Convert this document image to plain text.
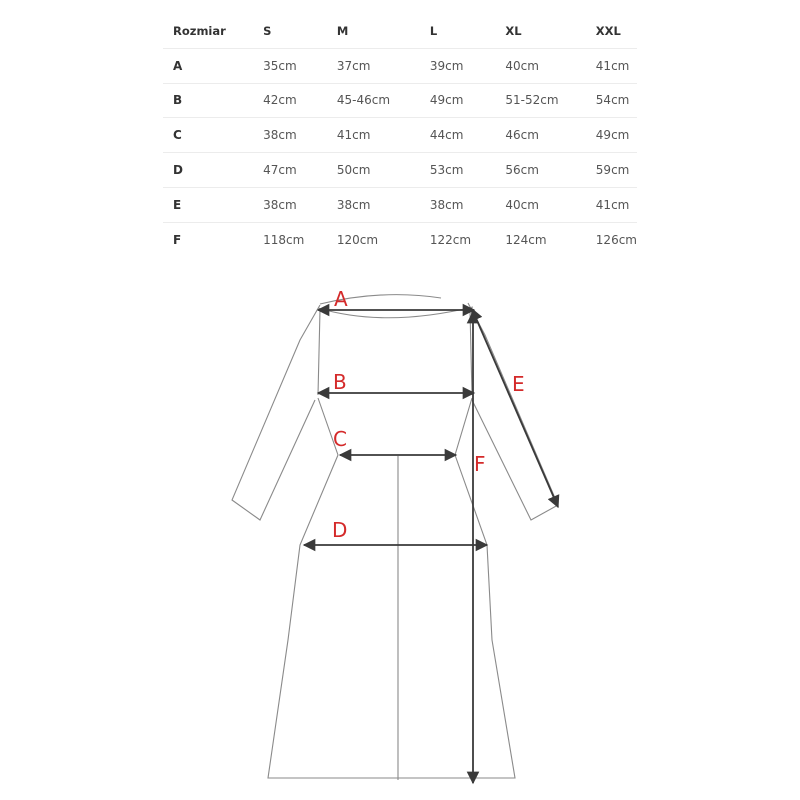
Rozmiar	S	M	L	XL	XXL
A	35cm	37cm	39cm	40cm	41cm
B	42cm	45-46cm	49cm	51-52cm	54cm
C	38cm	41cm	44cm	46cm	49cm
D	47cm	50cm	53cm	56cm	59cm
E	38cm	38cm	38cm	40cm	41cm
F	118cm	120cm	122cm	124cm	126cm
A
B
C
D
E
F
